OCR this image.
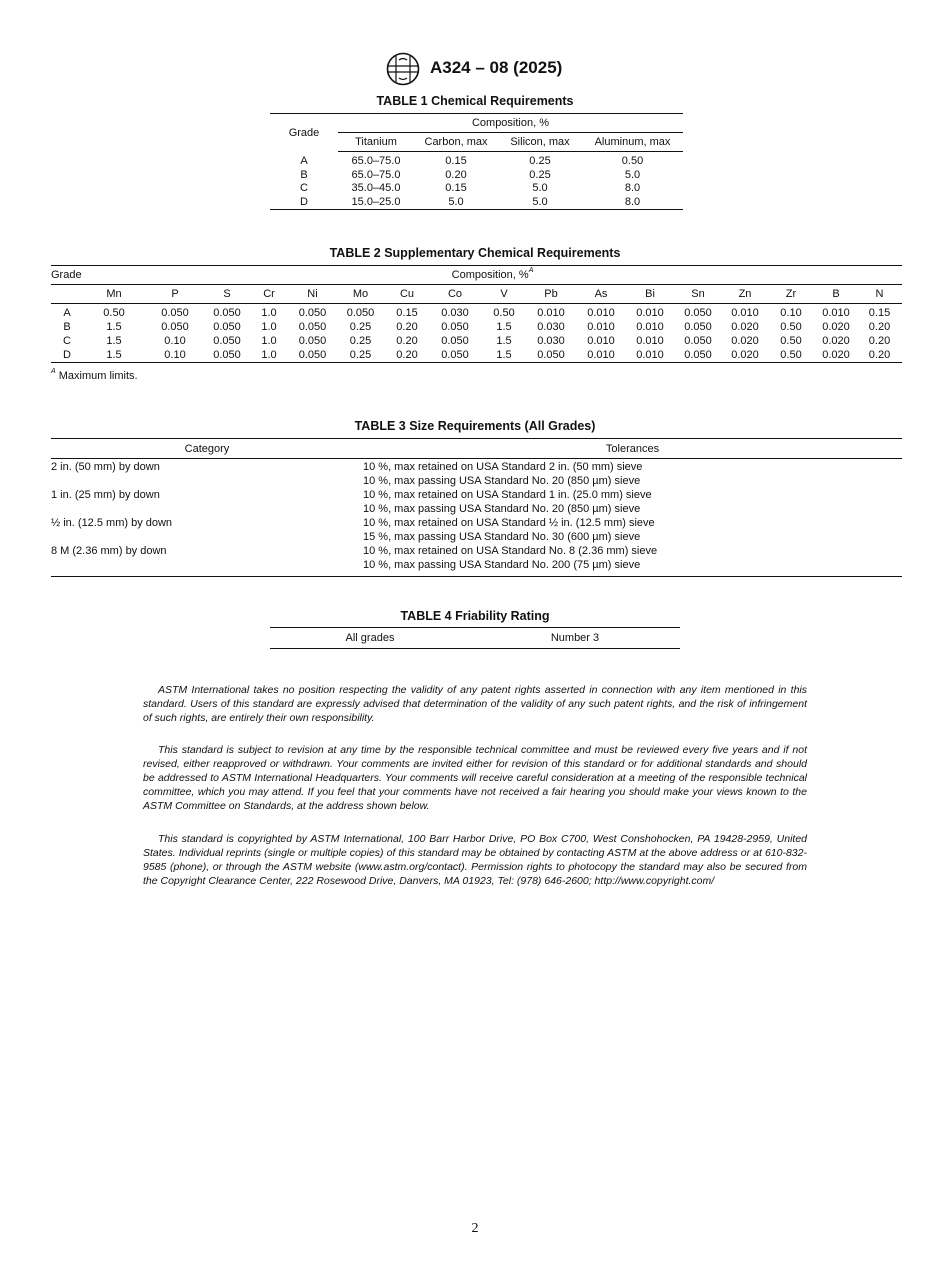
A324 – 08 (2025)
TABLE 1 Chemical Requirements
Grade	Composition, %			
	Titanium	Carbon, max	Silicon, max	Aluminum, max
A	65.0–75.0	0.15	0.25	0.50
B	65.0–75.0	0.20	0.25	5.0
C	35.0–45.0	0.15	5.0	8.0
D	15.0–25.0	5.0	5.0	8.0
TABLE 2 Supplementary Chemical Requirements
Grade	Composition, %$^A$
	Mn	P	S	Cr	Ni	Mo	Cu	Co	V	Pb	As	Bi	Sn	Zn	Zr	B	N
A	0.50	0.050	0.050	1.0	0.050	0.050	0.15	0.030	0.50	0.010	0.010	0.010	0.050	0.010	0.10	0.010	0.15
B	1.5	0.050	0.050	1.0	0.050	0.25	0.20	0.050	1.5	0.030	0.010	0.010	0.050	0.020	0.50	0.020	0.20
C	1.5	0.10	0.050	1.0	0.050	0.25	0.20	0.050	1.5	0.030	0.010	0.010	0.050	0.020	0.50	0.020	0.20
D	1.5	0.10	0.050	1.0	0.050	0.25	0.20	0.050	1.5	0.050	0.010	0.010	0.050	0.020	0.50	0.020	0.20
$^A$ Maximum limits.
TABLE 3 Size Requirements (All Grades)
Category	Tolerances
2 in. (50 mm) by down	10 %, max retained on USA Standard 2 in. (50 mm) sieve
	10 %, max passing USA Standard No. 20 (850 µm) sieve
1 in. (25 mm) by down	10 %, max retained on USA Standard 1 in. (25.0 mm) sieve
	10 %, max passing USA Standard No. 20 (850 µm) sieve
½ in. (12.5 mm) by down	10 %, max retained on USA Standard ½ in. (12.5 mm) sieve
	15 %, max passing USA Standard No. 30 (600 µm) sieve
8 M (2.36 mm) by down	10 %, max retained on USA Standard No. 8 (2.36 mm) sieve
	10 %, max passing USA Standard No. 200 (75 µm) sieve
TABLE 4 Friability Rating
All grades	Number 3

ASTM International takes no position respecting the validity of any patent rights asserted in connection with any item mentioned in this standard. Users of this standard are expressly advised that determination of the validity of any such patent rights, and the risk of infringement of such rights, are entirely their own responsibility.

This standard is subject to revision at any time by the responsible technical committee and must be reviewed every five years and if not revised, either reapproved or withdrawn. Your comments are invited either for revision of this standard or for additional standards and should be addressed to ASTM International Headquarters. Your comments will receive careful consideration at a meeting of the responsible technical committee, which you may attend. If you feel that your comments have not received a fair hearing you should make your views known to the ASTM Committee on Standards, at the address shown below.

This standard is copyrighted by ASTM International, 100 Barr Harbor Drive, PO Box C700, West Conshohocken, PA 19428-2959, United States. Individual reprints (single or multiple copies) of this standard may be obtained by contacting ASTM at the above address or at 610-832-9585 (phone), or through the ASTM website (www.astm.org/contact). Permission rights to photocopy the standard may also be secured from the Copyright Clearance Center, 222 Rosewood Drive, Danvers, MA 01923, Tel: (978) 646-2600; http://www.copyright.com/

2
